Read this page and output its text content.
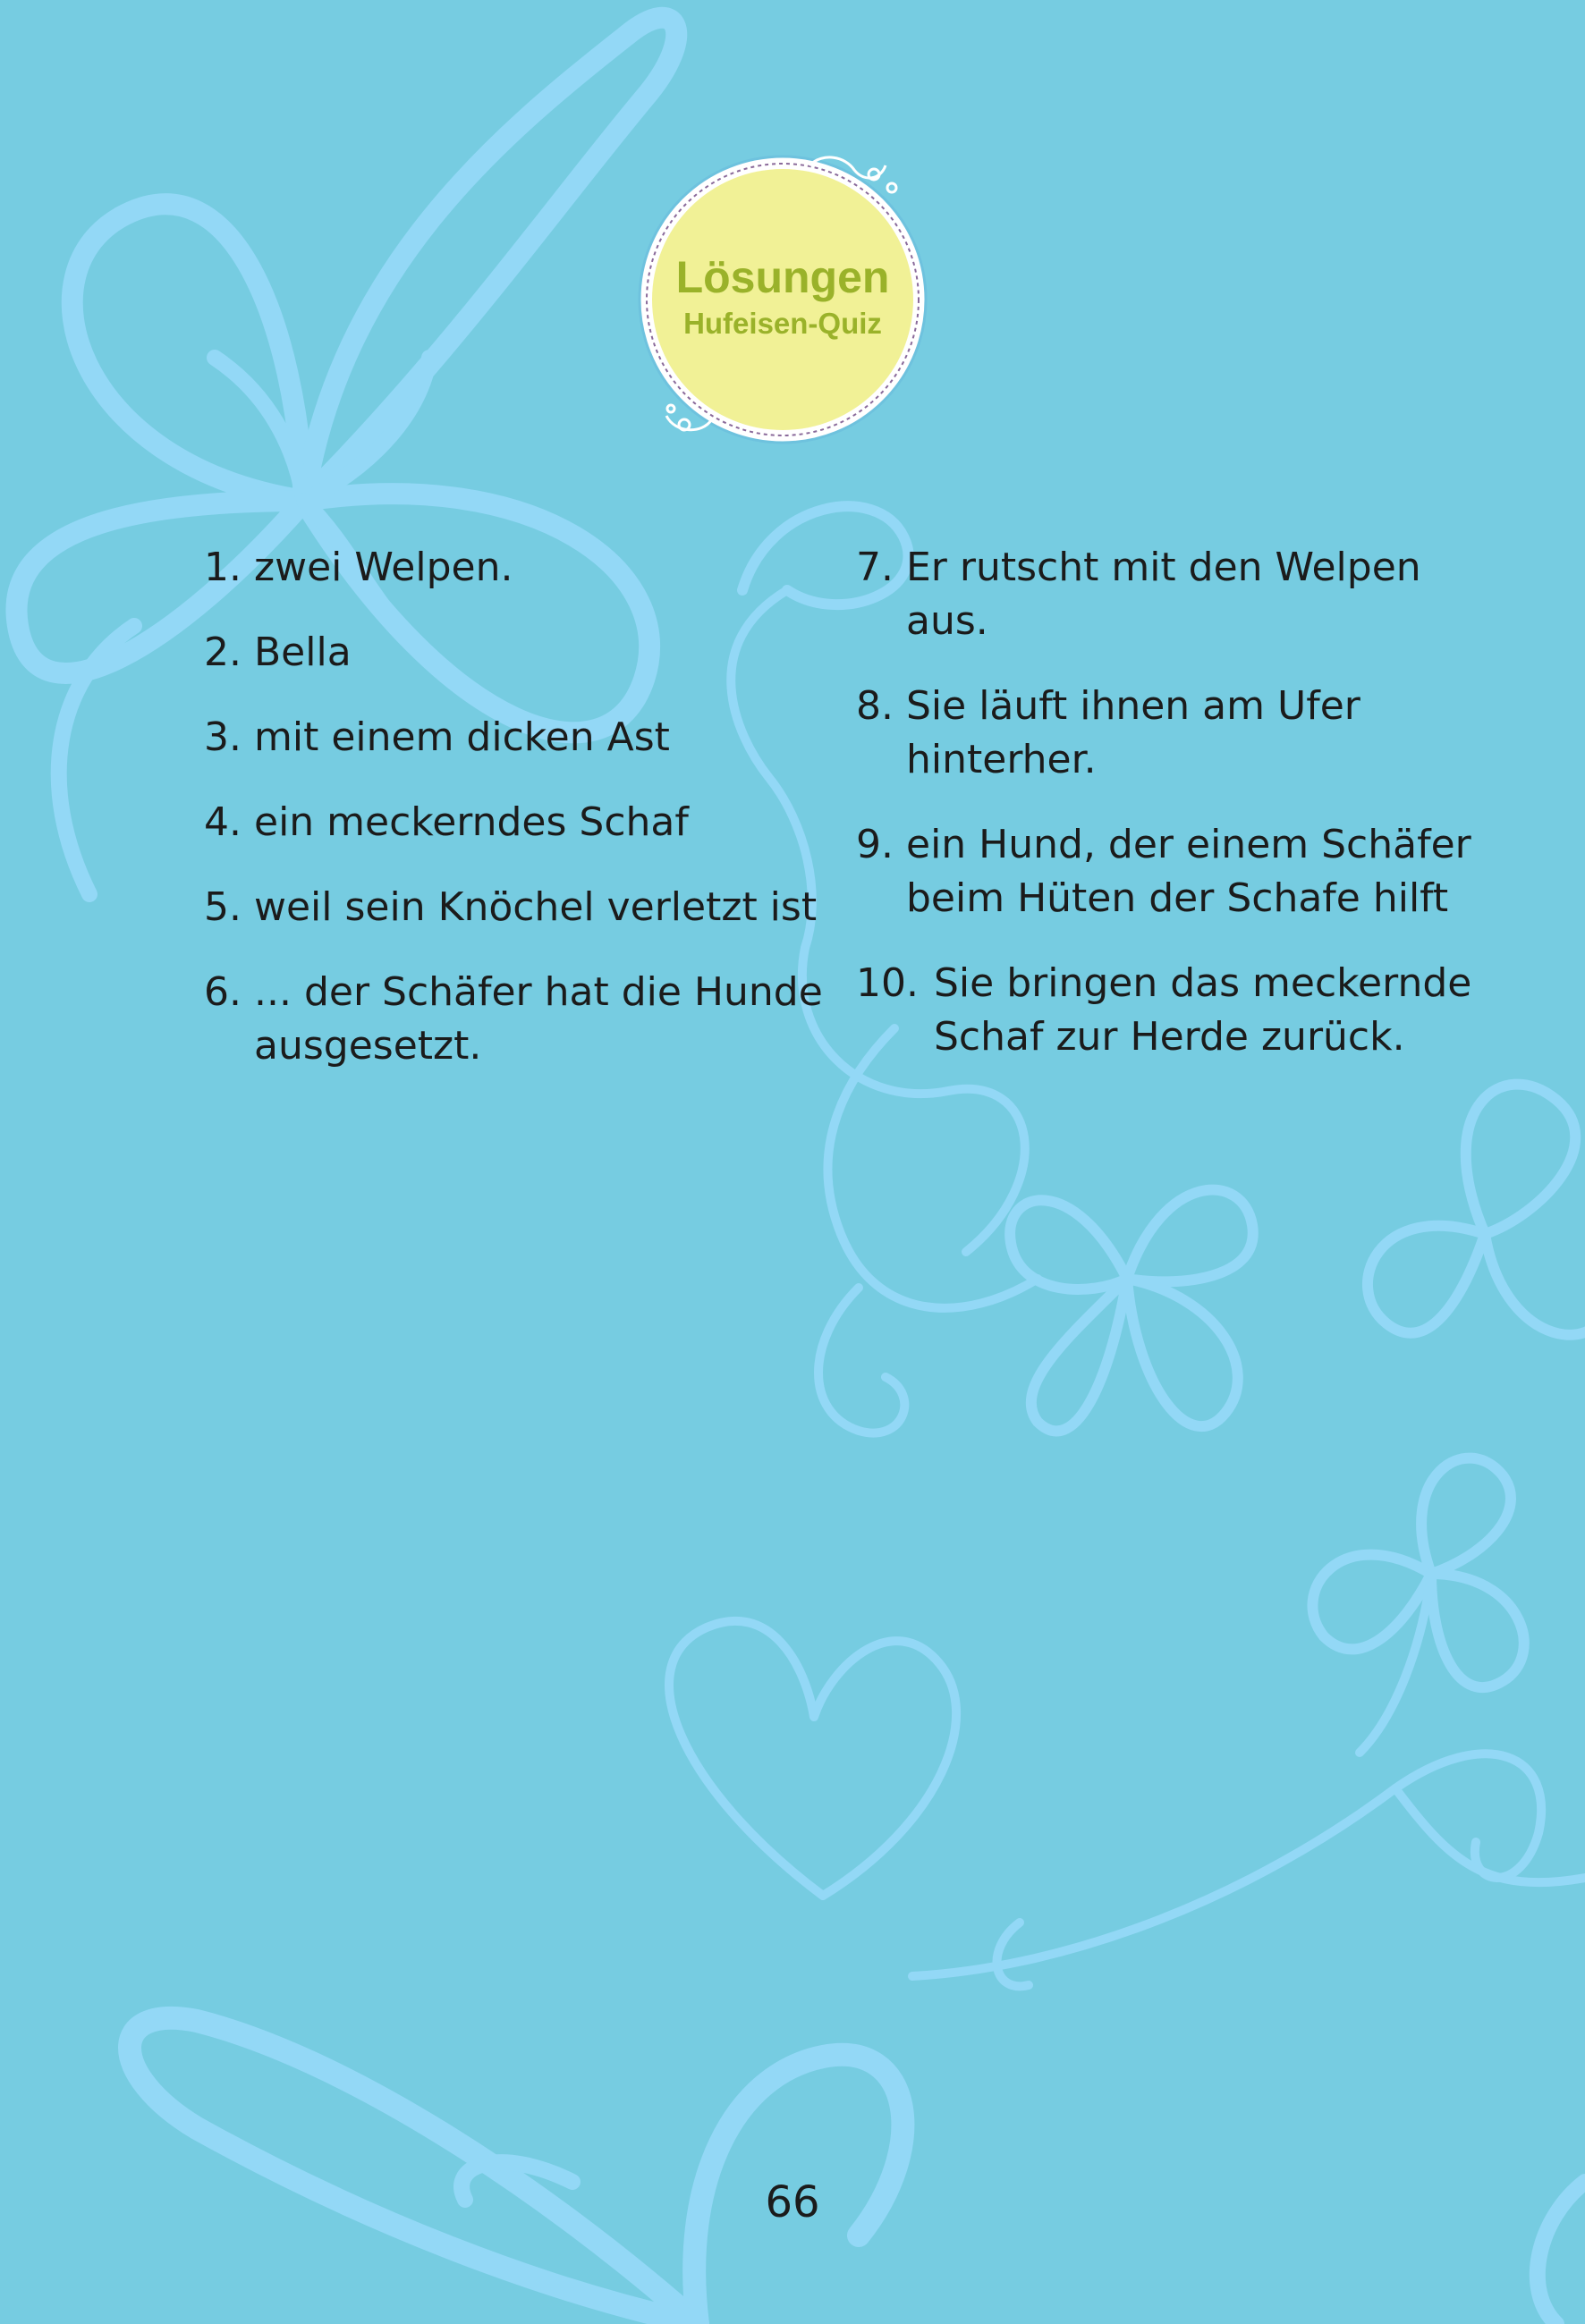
Lösungen
Hufeisen-Quiz
1. zwei Welpen.
2. Bella
3. mit einem dicken Ast
4. ein meckerndes Schaf
5. weil sein Knöchel verletzt ist
6. ... der Schäfer hat die Hunde ausgesetzt.
7. Er rutscht mit den Welpen aus.
8. Sie läuft ihnen am Ufer hinterher.
9. ein Hund, der einem Schäfer beim Hüten der Schafe hilft
10. Sie bringen das meckernde Schaf zur Herde zurück.
66
